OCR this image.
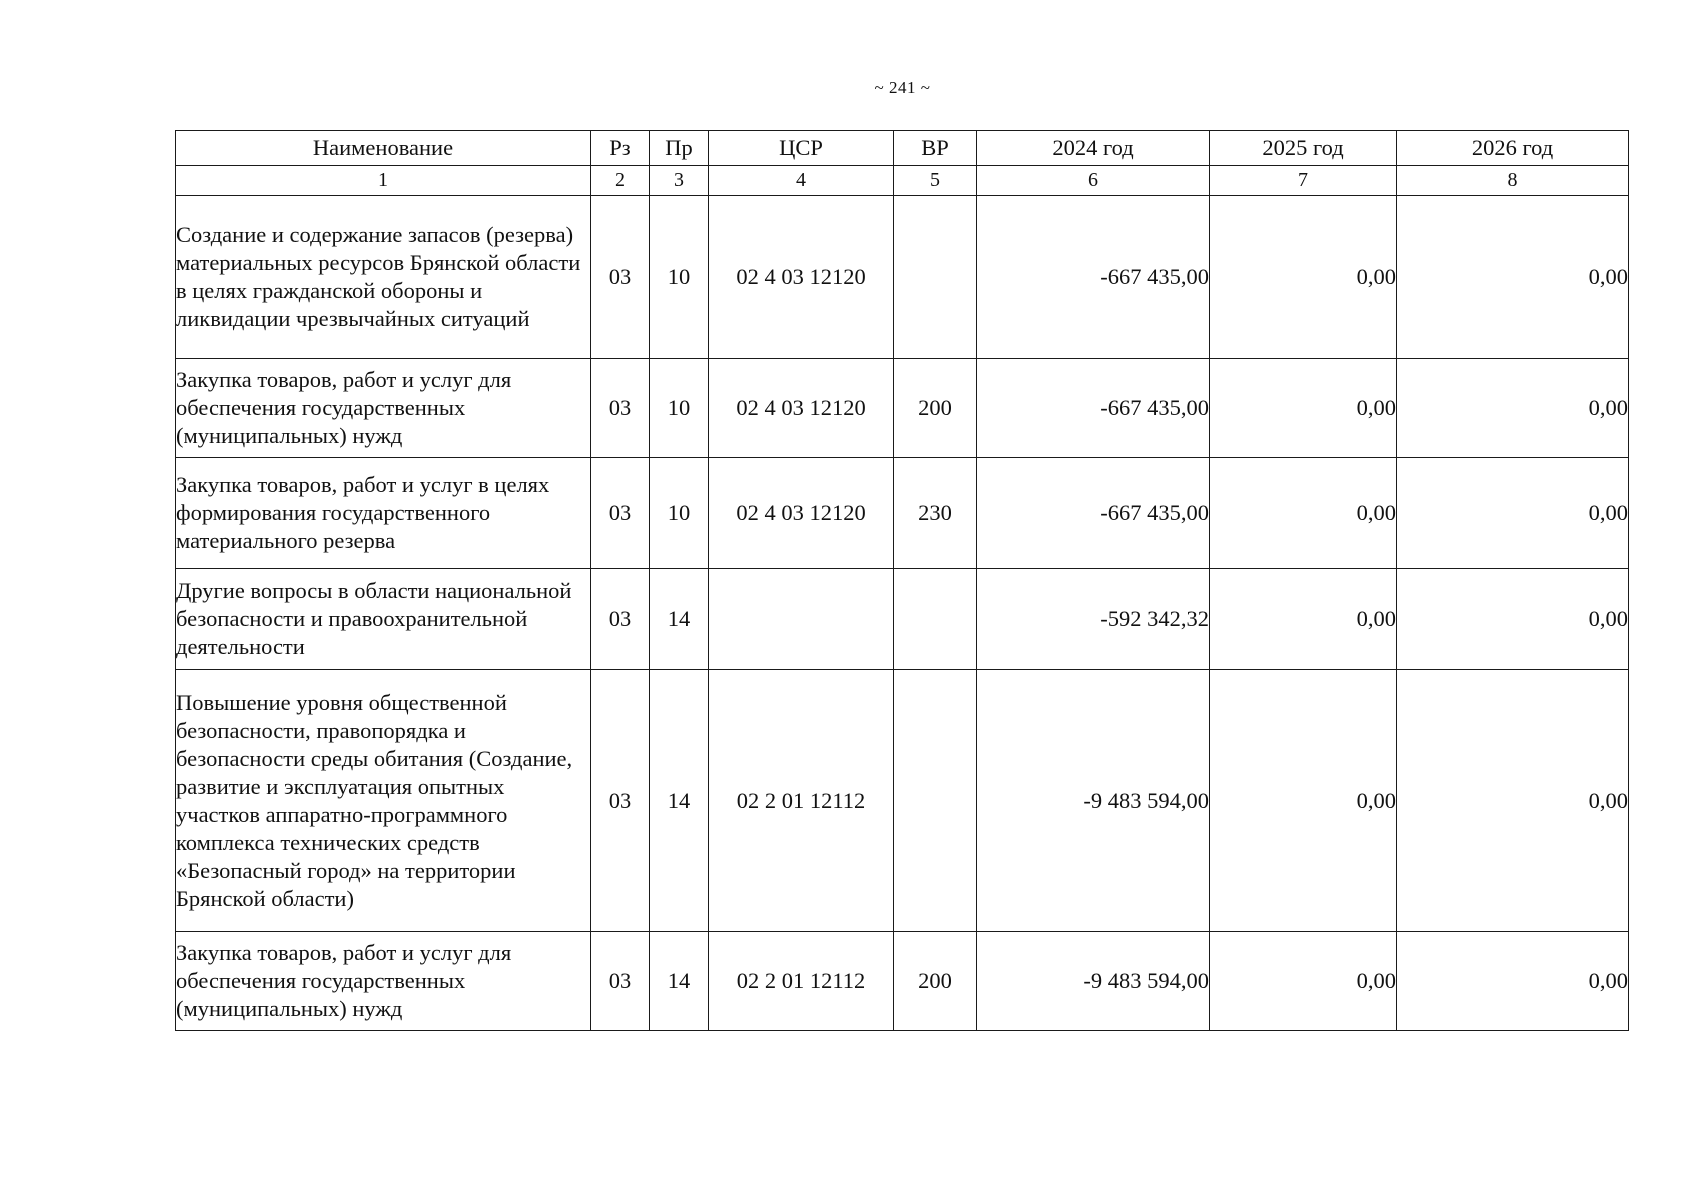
~ 241 ~
Наименование	Рз	Пр	ЦСР	ВР	2024 год	2025 год	2026 год
1	2	3	4	5	6	7	8
Создание и содержание запасов (резерва) материальных ресурсов Брянской области в целях гражданской обороны и ликвидации чрезвычайных ситуаций	03	10	02 4 03 12120		-667 435,00	0,00	0,00
Закупка товаров, работ и услуг для обеспечения государственных (муниципальных) нужд	03	10	02 4 03 12120	200	-667 435,00	0,00	0,00
Закупка товаров, работ и услуг в целях формирования государственного материального резерва	03	10	02 4 03 12120	230	-667 435,00	0,00	0,00
Другие вопросы в области национальной безопасности и правоохранительной деятельности	03	14			-592 342,32	0,00	0,00
Повышение уровня общественной безопасности, правопорядка и безопасности среды обитания (Создание, развитие и эксплуатация опытных участков аппаратно-программного комплекса технических средств «Безопасный город» на территории Брянской области)	03	14	02 2 01 12112		-9 483 594,00	0,00	0,00
Закупка товаров, работ и услуг для обеспечения государственных (муниципальных) нужд	03	14	02 2 01 12112	200	-9 483 594,00	0,00	0,00
